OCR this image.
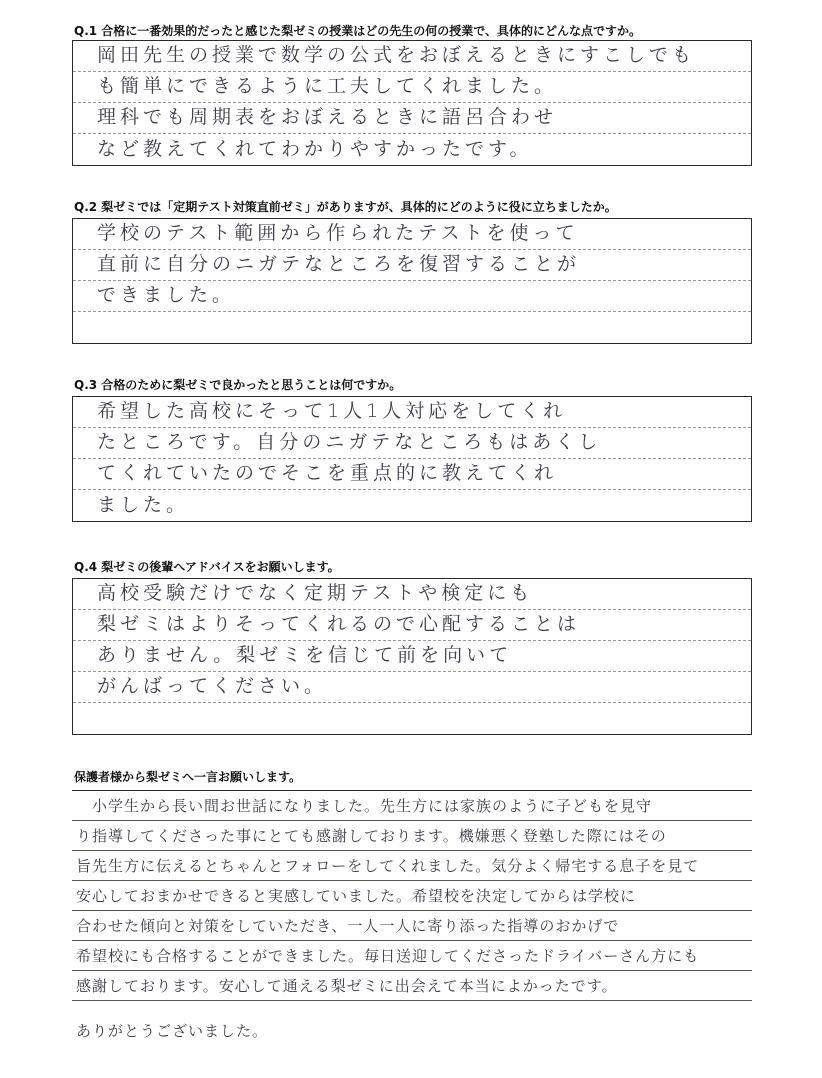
Q.1 合格に一番効果的だったと感じた梨ゼミの授業はどの先生の何の授業で、具体的にどんな点ですか。
岡田先生の授業で数学の公式をおぼえるときにすこしでも
も簡単にできるように工夫してくれました。
理科でも周期表をおぼえるときに語呂合わせ
など教えてくれてわかりやすかったです。
Q.2 梨ゼミでは「定期テスト対策直前ゼミ」がありますが、具体的にどのように役に立ちましたか。
学校のテスト範囲から作られたテストを使って
直前に自分のニガテなところを復習することが
できました。
Q.3 合格のために梨ゼミで良かったと思うことは何ですか。
希望した高校にそって1人1人対応をしてくれ
たところです。自分のニガテなところもはあくし
てくれていたのでそこを重点的に教えてくれ
ました。
Q.4 梨ゼミの後輩へアドバイスをお願いします。
高校受験だけでなく定期テストや検定にも
梨ゼミはよりそってくれるので心配することは
ありません。梨ゼミを信じて前を向いて
がんばってください。
保護者様から梨ゼミへ一言お願いします。
小学生から長い間お世話になりました。先生方には家族のように子どもを見守
り指導してくださった事にとても感謝しております。機嫌悪く登塾した際にはその
旨先生方に伝えるとちゃんとフォローをしてくれました。気分よく帰宅する息子を見て
安心しておまかせできると実感していました。希望校を決定してからは学校に
合わせた傾向と対策をしていただき、一人一人に寄り添った指導のおかげで
希望校にも合格することができました。毎日送迎してくださったドライバーさん方にも
感謝しております。安心して通える梨ゼミに出会えて本当によかったです。
ありがとうございました。
